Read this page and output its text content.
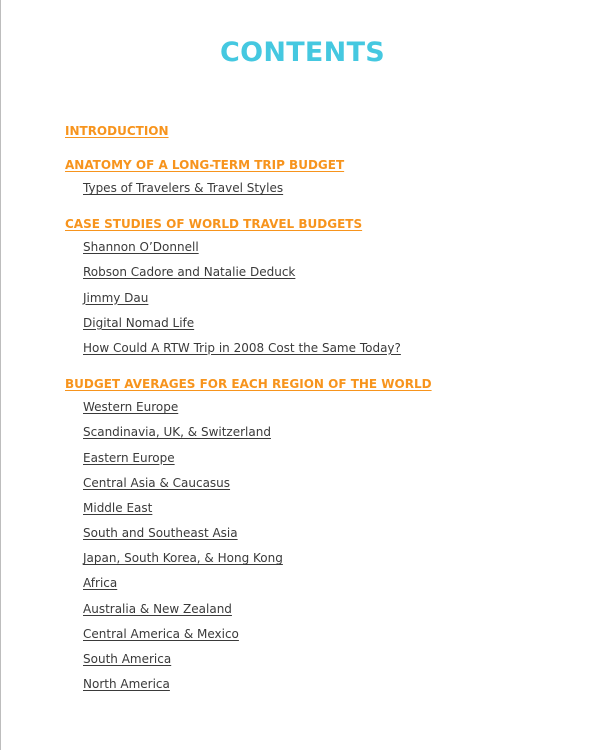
CONTENTS
INTRODUCTION
ANATOMY OF A LONG-TERM TRIP BUDGET
Types of Travelers & Travel Styles
CASE STUDIES OF WORLD TRAVEL BUDGETS
Shannon O’Donnell
Robson Cadore and Natalie Deduck
Jimmy Dau
Digital Nomad Life
How Could A RTW Trip in 2008 Cost the Same Today?
BUDGET AVERAGES FOR EACH REGION OF THE WORLD
Western Europe
Scandinavia, UK, & Switzerland
Eastern Europe
Central Asia & Caucasus
Middle East
South and Southeast Asia
Japan, South Korea, & Hong Kong
Africa
Australia & New Zealand
Central America & Mexico
South America
North America
